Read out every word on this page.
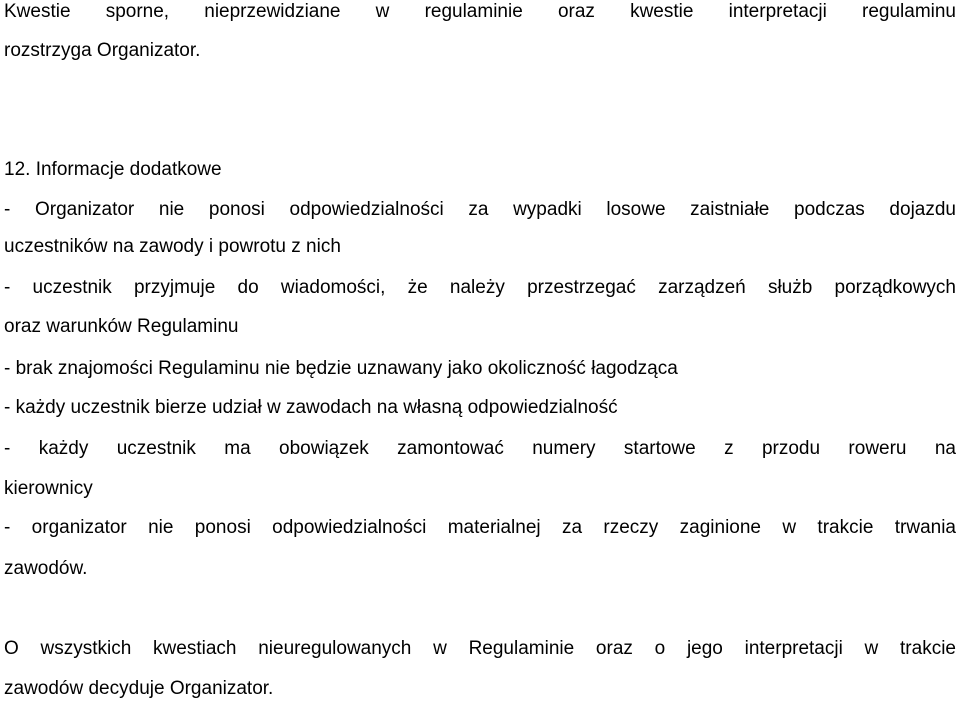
Kwestie sporne, nieprzewidziane w regulaminie oraz kwestie interpretacji regulaminu
rozstrzyga Organizator.
12. Informacje dodatkowe
- Organizator nie ponosi odpowiedzialności za wypadki losowe zaistniałe podczas dojazdu
uczestników na zawody i powrotu z nich
- uczestnik przyjmuje do wiadomości, że należy przestrzegać zarządzeń służb porządkowych
oraz warunków Regulaminu
- brak znajomości Regulaminu nie będzie uznawany jako okoliczność łagodząca
- każdy uczestnik bierze udział w zawodach na własną odpowiedzialność
- każdy uczestnik ma obowiązek zamontować numery startowe z przodu roweru na
kierownicy
- organizator nie ponosi odpowiedzialności materialnej za rzeczy zaginione w trakcie trwania
zawodów.
O wszystkich kwestiach nieuregulowanych w Regulaminie oraz o jego interpretacji w trakcie
zawodów decyduje Organizator.
